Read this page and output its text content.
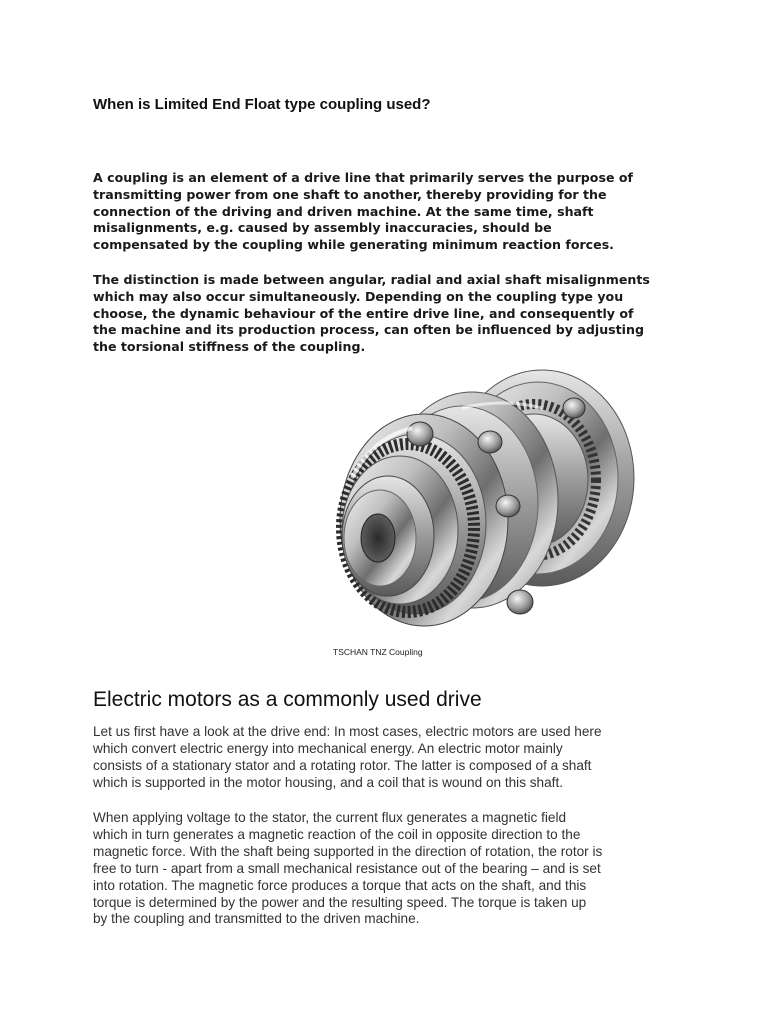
When is Limited End Float type coupling used?
A coupling is an element of a drive line that primarily serves the purpose of
transmitting power from one shaft to another, thereby providing for the
connection of the driving and driven machine. At the same time, shaft
misalignments, e.g. caused by assembly inaccuracies, should be
compensated by the coupling while generating minimum reaction forces.
The distinction is made between angular, radial and axial shaft misalignments
which may also occur simultaneously. Depending on the coupling type you
choose, the dynamic behaviour of the entire drive line, and consequently of
the machine and its production process, can often be influenced by adjusting
the torsional stiffness of the coupling.
TSCHAN TNZ Coupling
Electric motors as a commonly used drive
Let us first have a look at the drive end: In most cases, electric motors are used here
which convert electric energy into mechanical energy. An electric motor mainly
consists of a stationary stator and a rotating rotor. The latter is composed of a shaft
which is supported in the motor housing, and a coil that is wound on this shaft.
When applying voltage to the stator, the current flux generates a magnetic field
which in turn generates a magnetic reaction of the coil in opposite direction to the
magnetic force. With the shaft being supported in the direction of rotation, the rotor is
free to turn - apart from a small mechanical resistance out of the bearing – and is set
into rotation. The magnetic force produces a torque that acts on the shaft, and this
torque is determined by the power and the resulting speed. The torque is taken up
by the coupling and transmitted to the driven machine.
